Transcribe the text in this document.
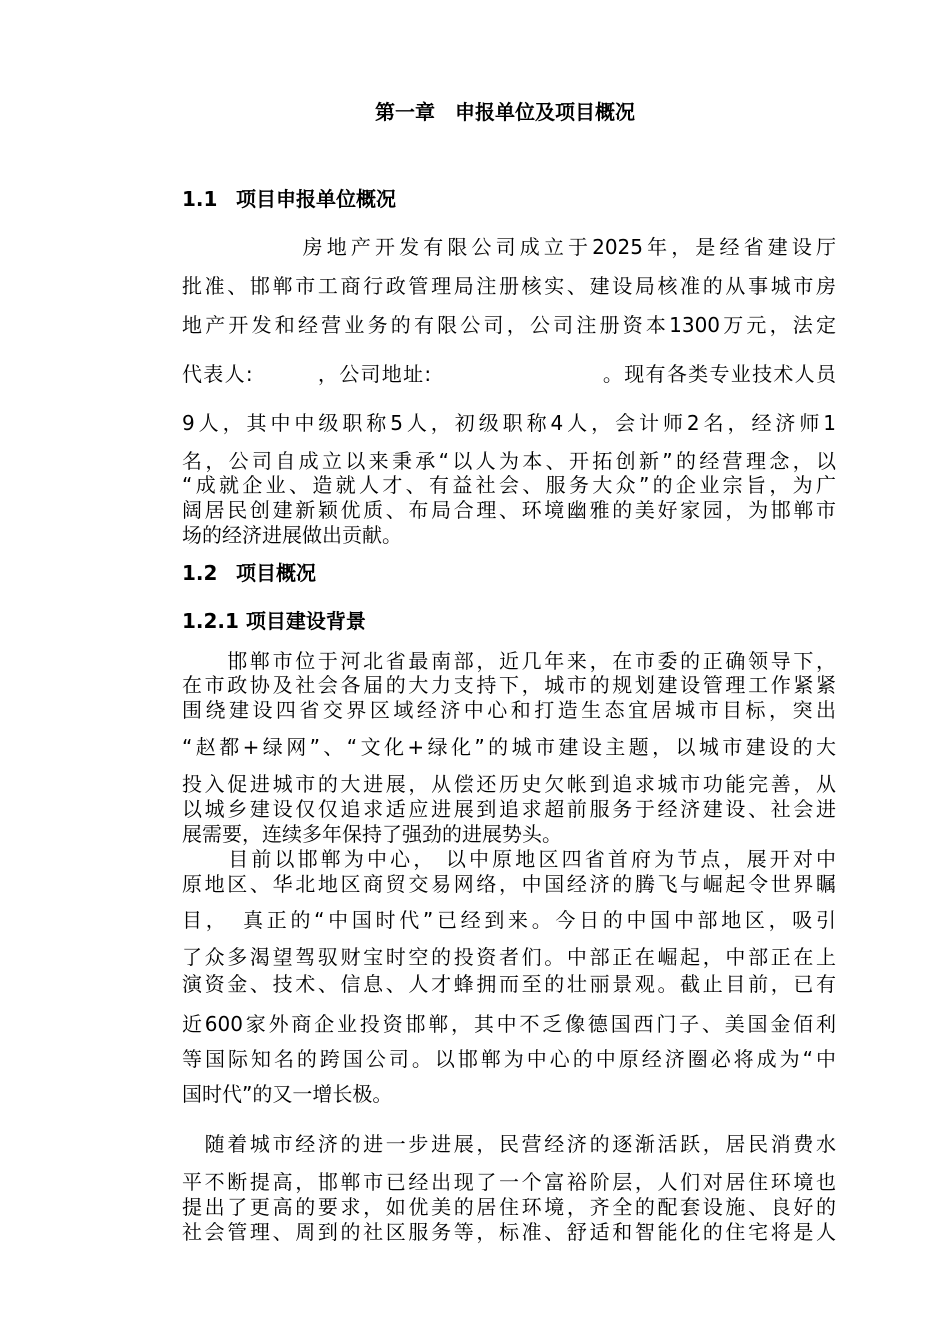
第一章　申报单位及项目概况
1.1 项目申报单位概况
　　　　　房地产开发有限公司成立于2025年，是经省建设厅
批准、邯郸市工商行政管理局注册核实、建设局核准的从事城市房
地产开发和经营业务的有限公司，公司注册资本1300万元，法定
代表人:　　　，公司地址:　　　　　　　　。现有各类专业技术人员
9人，其中中级职称5人，初级职称4人，会计师2名，经济师1
名，公司自成立以来秉承“以人为本、开拓创新”的经营理念，以
“成就企业、造就人才、有益社会、服务大众”的企业宗旨，为广
阔居民创建新颖优质、布局合理、环境幽雅的美好家园，为邯郸市
场的经济进展做出贡献。
1.2 项目概况
1.2.1 项目建设背景
　　邯郸市位于河北省最南部，近几年来，在市委的正确领导下，
在市政协及社会各届的大力支持下，城市的规划建设管理工作紧紧
围绕建设四省交界区域经济中心和打造生态宜居城市目标，突出
“赵都+绿网”、“文化+绿化”的城市建设主题，以城市建设的大
投入促进城市的大进展，从偿还历史欠帐到追求城市功能完善，从
以城乡建设仅仅追求适应进展到追求超前服务于经济建设、社会进
展需要，连续多年保持了强劲的进展势头。
　　目前以邯郸为中心， 以中原地区四省首府为节点，展开对中
原地区、华北地区商贸交易网络，中国经济的腾飞与崛起令世界瞩
目，　真正的“中国时代”已经到来。今日的中国中部地区，吸引
了众多渴望驾驭财宝时空的投资者们。中部正在崛起，中部正在上
演资金、技术、信息、人才蜂拥而至的壮丽景观。截止目前，已有
近600家外商企业投资邯郸，其中不乏像德国西门子、美国金佰利
等国际知名的跨国公司。以邯郸为中心的中原经济圈必将成为“中
国时代”的又一增长极。
　随着城市经济的进一步进展，民营经济的逐渐活跃，居民消费水
平不断提高，邯郸市已经出现了一个富裕阶层，人们对居住环境也
提出了更高的要求，如优美的居住环境，齐全的配套设施、良好的
社会管理、周到的社区服务等，标准、舒适和智能化的住宅将是人
